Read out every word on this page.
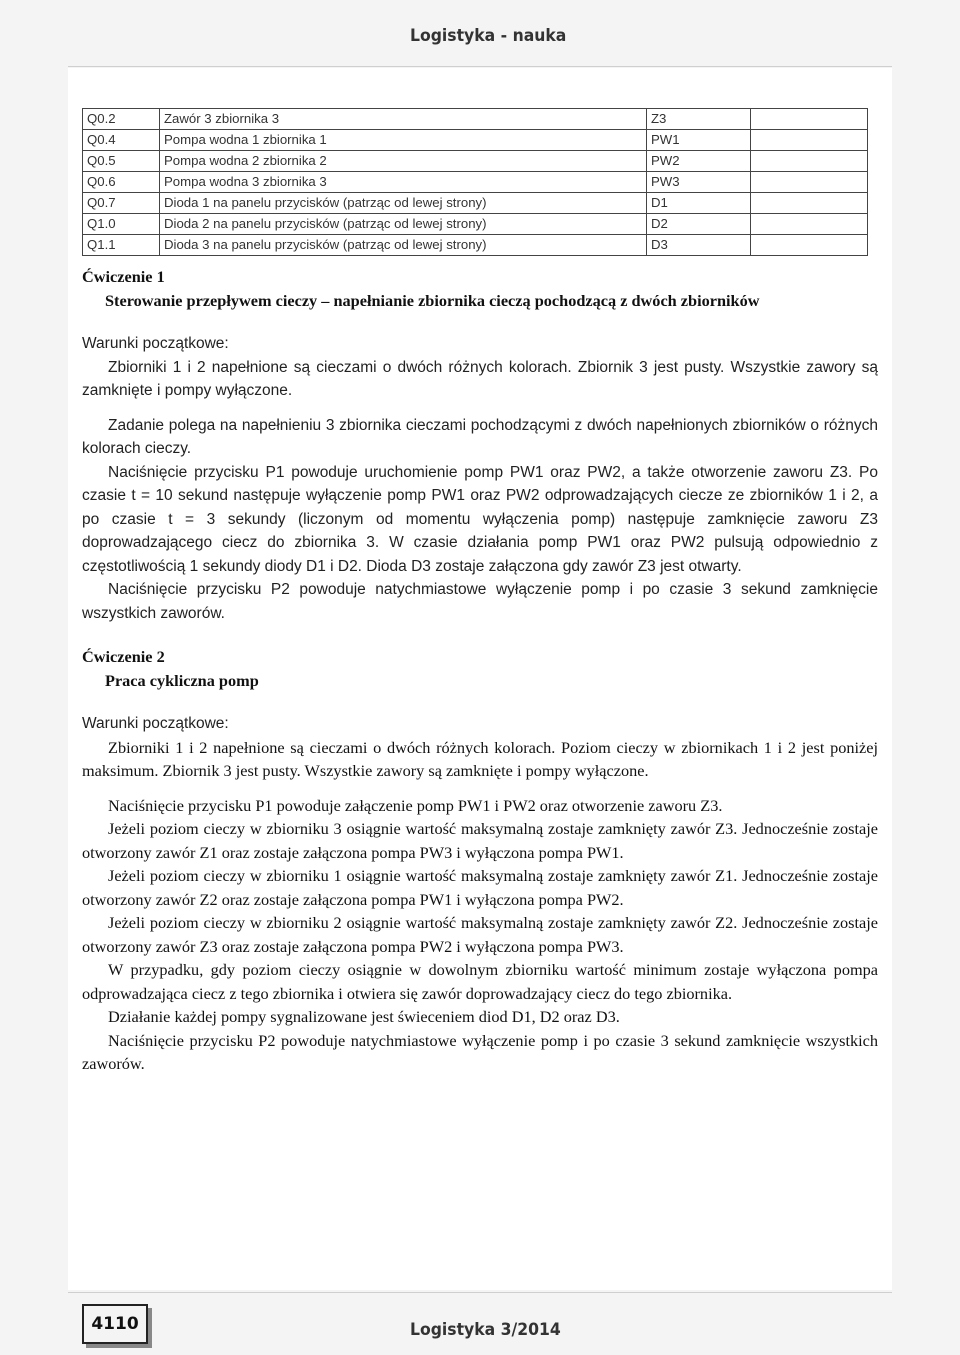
Logistyka - nauka
Q0.2	Zawór 3 zbiornika 3	Z3	
Q0.4	Pompa wodna 1 zbiornika 1	PW1	
Q0.5	Pompa wodna 2 zbiornika 2	PW2	
Q0.6	Pompa wodna 3 zbiornika 3	PW3	
Q0.7	Dioda 1 na panelu przycisków (patrząc od lewej strony)	D1	
Q1.0	Dioda 2 na panelu przycisków (patrząc od lewej strony)	D2	
Q1.1	Dioda 3 na panelu przycisków (patrząc od lewej strony)	D3	

Ćwiczenie 1

Sterowanie przepływem cieczy – napełnianie zbiornika cieczą pochodzącą z dwóch zbiorników

Warunki początkowe:

Zbiorniki 1 i 2 napełnione są cieczami o dwóch różnych kolorach. Zbiornik 3 jest pusty. Wszystkie zawory są zamknięte i pompy wyłączone.

Zadanie polega na napełnieniu 3 zbiornika cieczami pochodzącymi z dwóch napełnionych zbiorników o różnych kolorach cieczy.

Naciśnięcie przycisku P1 powoduje uruchomienie pomp PW1 oraz PW2, a także otworzenie zaworu Z3. Po czasie t = 10 sekund następuje wyłączenie pomp PW1 oraz PW2 odprowadzających ciecze ze zbiorników 1 i 2, a po czasie t = 3 sekundy (liczonym od momentu wyłączenia pomp) następuje zamknięcie zaworu Z3 doprowadzającego ciecz do zbiornika 3. W czasie działania pomp PW1 oraz PW2 pulsują odpowiednio z częstotliwością 1 sekundy diody D1 i D2. Dioda D3 zostaje załączona gdy zawór Z3 jest otwarty.

Naciśnięcie przycisku P2 powoduje natychmiastowe wyłączenie pomp i po czasie 3 sekund zamknięcie wszystkich zaworów.

Ćwiczenie 2

Praca cykliczna pomp

Warunki początkowe:

Zbiorniki 1 i 2 napełnione są cieczami o dwóch różnych kolorach. Poziom cieczy w zbiornikach 1 i 2 jest poniżej maksimum. Zbiornik 3 jest pusty. Wszystkie zawory są zamknięte i pompy wyłączone.

Naciśnięcie przycisku P1 powoduje załączenie pomp PW1 i PW2 oraz otworzenie zaworu Z3.

Jeżeli poziom cieczy w zbiorniku 3 osiągnie wartość maksymalną zostaje zamknięty zawór Z3. Jednocześnie zostaje otworzony zawór Z1 oraz zostaje załączona pompa PW3 i wyłączona pompa PW1.

Jeżeli poziom cieczy w zbiorniku 1 osiągnie wartość maksymalną zostaje zamknięty zawór Z1. Jednocześnie zostaje otworzony zawór Z2 oraz zostaje załączona pompa PW1 i wyłączona pompa PW2.

Jeżeli poziom cieczy w zbiorniku 2 osiągnie wartość maksymalną zostaje zamknięty zawór Z2. Jednocześnie zostaje otworzony zawór Z3 oraz zostaje załączona pompa PW2 i wyłączona pompa PW3.

W przypadku, gdy poziom cieczy osiągnie w dowolnym zbiorniku wartość minimum zostaje wyłączona pompa odprowadzająca ciecz z tego zbiornika i otwiera się zawór doprowadzający ciecz do tego zbiornika.

Działanie każdej pompy sygnalizowane jest świeceniem diod D1, D2 oraz D3.

Naciśnięcie przycisku P2 powoduje natychmiastowe wyłączenie pomp i po czasie 3 sekund zamknięcie wszystkich zaworów.

4110	Logistyka 3/2014
